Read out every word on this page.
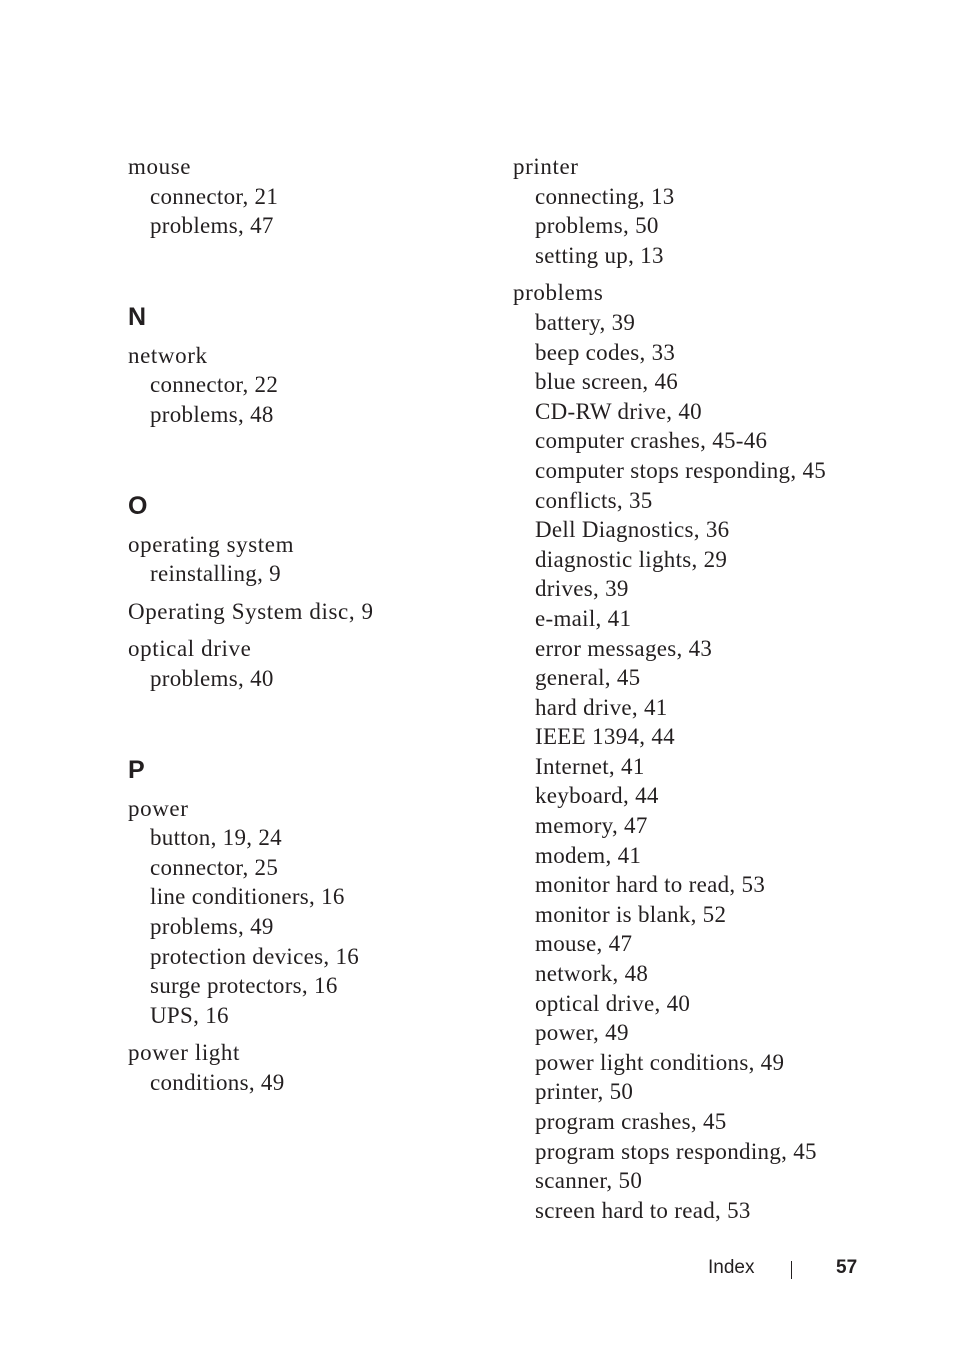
mouse
connector, 21
problems, 47
N
network
connector, 22
problems, 48
O
operating system
reinstalling, 9
Operating System disc, 9
optical drive
problems, 40
P
power
button, 19, 24
connector, 25
line conditioners, 16
problems, 49
protection devices, 16
surge protectors, 16
UPS, 16
power light
conditions, 49
printer
connecting, 13
problems, 50
setting up, 13
problems
battery, 39
beep codes, 33
blue screen, 46
CD-RW drive, 40
computer crashes, 45-46
computer stops responding, 45
conflicts, 35
Dell Diagnostics, 36
diagnostic lights, 29
drives, 39
e-mail, 41
error messages, 43
general, 45
hard drive, 41
IEEE 1394, 44
Internet, 41
keyboard, 44
memory, 47
modem, 41
monitor hard to read, 53
monitor is blank, 52
mouse, 47
network, 48
optical drive, 40
power, 49
power light conditions, 49
printer, 50
program crashes, 45
program stops responding, 45
scanner, 50
screen hard to read, 53
Index	57
